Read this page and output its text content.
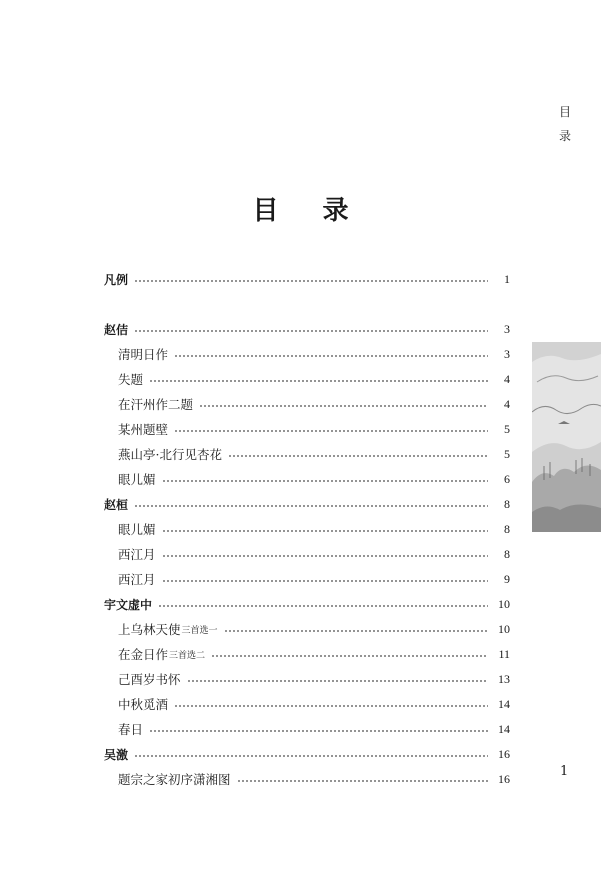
目
录
目录
凡例	1
赵佶	3
清明日作	3
失题	4
在汗州作二题	4
某州题壁	5
燕山亭·北行见杏花	5
眼儿媚	6
赵桓	8
眼儿媚	8
西江月	8
西江月	9
宇文虚中	10
上乌林天使 三首选一	10
在金日作 三首选二	11
己酉岁书怀	13
中秋觅酒	14
春日	14
吴激	16
题宗之家初序潇湘图	16	1
